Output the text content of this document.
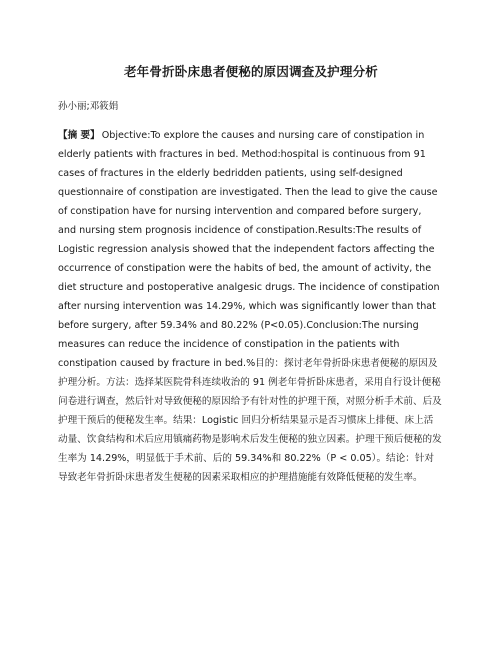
老年骨折卧床患者便秘的原因调查及护理分析
孙小丽;邓筱娟
【摘 要】 Objective:To explore the causes and nursing care of constipation in elderly patients with fractures in bed. Method:hospital is continuous from 91 cases of fractures in the elderly bedridden patients, using self-designed questionnaire of constipation are investigated. Then the lead to give the cause of constipation have for nursing intervention and compared before surgery, and nursing stem prognosis incidence of constipation.Results:The results of Logistic regression analysis showed that the independent factors affecting the occurrence of constipation were the habits of bed, the amount of activity, the diet structure and postoperative analgesic drugs. The incidence of constipation after nursing intervention was 14.29%, which was significantly lower than that before surgery, after 59.34% and 80.22% (P<0.05).Conclusion:The nursing measures can reduce the incidence of constipation in the patients with constipation caused by fracture in bed.%目的：探讨老年骨折卧床患者便秘的原因及护理分析。方法：选择某医院骨科连续收治的 91 例老年骨折卧床患者，采用自行设计便秘问卷进行调查，然后针对导致便秘的原因给予有针对性的护理干预，对照分析手术前、后及护理干预后的便秘发生率。结果：Logistic 回归分析结果显示是否习惯床上排便、床上活动量、饮食结构和术后应用镇痛药物是影响术后发生便秘的独立因素。护理干预后便秘的发生率为 14.29%，明显低于手术前、后的 59.34%和 80.22%（P < 0.05）。结论：针对导致老年骨折卧床患者发生便秘的因素采取相应的护理措施能有效降低便秘的发生率。
